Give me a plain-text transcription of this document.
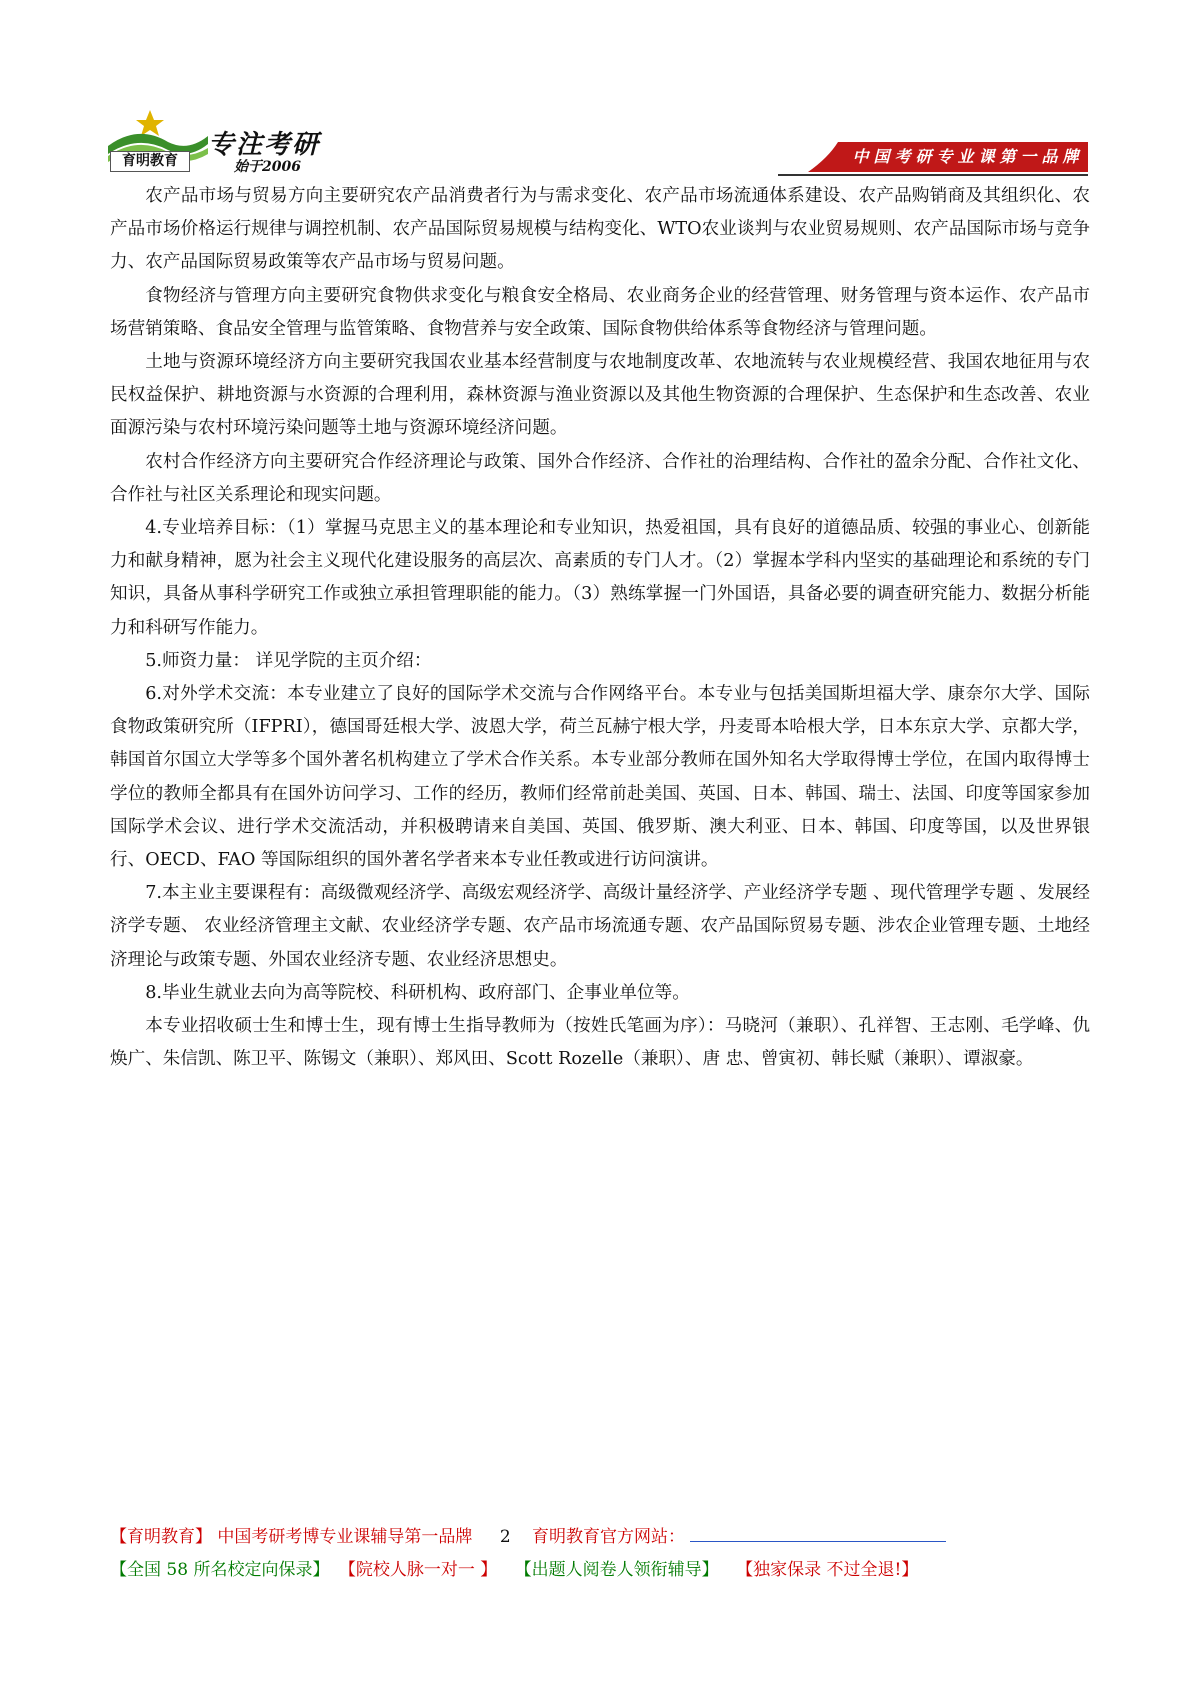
育明教育
专注考研
始于2006
中国考研专业课第一品牌

农产品市场与贸易方向主要研究农产品消费者行为与需求变化、农产品市场流通体系建设、农产品购销商及其组织化、农产品市场价格运行规律与调控机制、农产品国际贸易规模与结构变化、WTO农业谈判与农业贸易规则、农产品国际市场与竞争力、农产品国际贸易政策等农产品市场与贸易问题。

食物经济与管理方向主要研究食物供求变化与粮食安全格局、农业商务企业的经营管理、财务管理与资本运作、农产品市场营销策略、食品安全管理与监管策略、食物营养与安全政策、国际食物供给体系等食物经济与管理问题。

土地与资源环境经济方向主要研究我国农业基本经营制度与农地制度改革、农地流转与农业规模经营、我国农地征用与农民权益保护、耕地资源与水资源的合理利用，森林资源与渔业资源以及其他生物资源的合理保护、生态保护和生态改善、农业面源污染与农村环境污染问题等土地与资源环境经济问题。

农村合作经济方向主要研究合作经济理论与政策、国外合作经济、合作社的治理结构、合作社的盈余分配、合作社文化、合作社与社区关系理论和现实问题。

4.专业培养目标：（1）掌握马克思主义的基本理论和专业知识，热爱祖国，具有良好的道德品质、较强的事业心、创新能力和献身精神，愿为社会主义现代化建设服务的高层次、高素质的专门人才。（2）掌握本学科内坚实的基础理论和系统的专门知识，具备从事科学研究工作或独立承担管理职能的能力。（3）熟练掌握一门外国语，具备必要的调查研究能力、数据分析能力和科研写作能力。

5.师资力量： 详见学院的主页介绍：

6.对外学术交流：本专业建立了良好的国际学术交流与合作网络平台。本专业与包括美国斯坦福大学、康奈尔大学、国际食物政策研究所（IFPRI），德国哥廷根大学、波恩大学，荷兰瓦赫宁根大学，丹麦哥本哈根大学，日本东京大学、京都大学，韩国首尔国立大学等多个国外著名机构建立了学术合作关系。本专业部分教师在国外知名大学取得博士学位，在国内取得博士学位的教师全都具有在国外访问学习、工作的经历，教师们经常前赴美国、英国、日本、韩国、瑞士、法国、印度等国家参加国际学术会议、进行学术交流活动，并积极聘请来自美国、英国、俄罗斯、澳大利亚、日本、韩国、印度等国，以及世界银行、OECD、FAO 等国际组织的国外著名学者来本专业任教或进行访问演讲。

7.本主业主要课程有：高级微观经济学、高级宏观经济学、高级计量经济学、产业经济学专题 、现代管理学专题 、发展经济学专题、 农业经济管理主文献、农业经济学专题、农产品市场流通专题、农产品国际贸易专题、涉农企业管理专题、土地经济理论与政策专题、外国农业经济专题、农业经济思想史。

8.毕业生就业去向为高等院校、科研机构、政府部门、企事业单位等。

本专业招收硕士生和博士生，现有博士生指导教师为（按姓氏笔画为序）：马晓河（兼职）、孔祥智、王志刚、毛学峰、仇焕广、朱信凯、陈卫平、陈锡文（兼职）、郑风田、Scott Rozelle（兼职）、唐 忠、曾寅初、韩长赋（兼职）、谭淑豪。

【育明教育】 中国考研考博专业课辅导第一品牌 2 育明教育官方网站：
【全国 58 所名校定向保录】 【院校人脉一对一 】 【出题人阅卷人领衔辅导】 【独家保录 不过全退!】
